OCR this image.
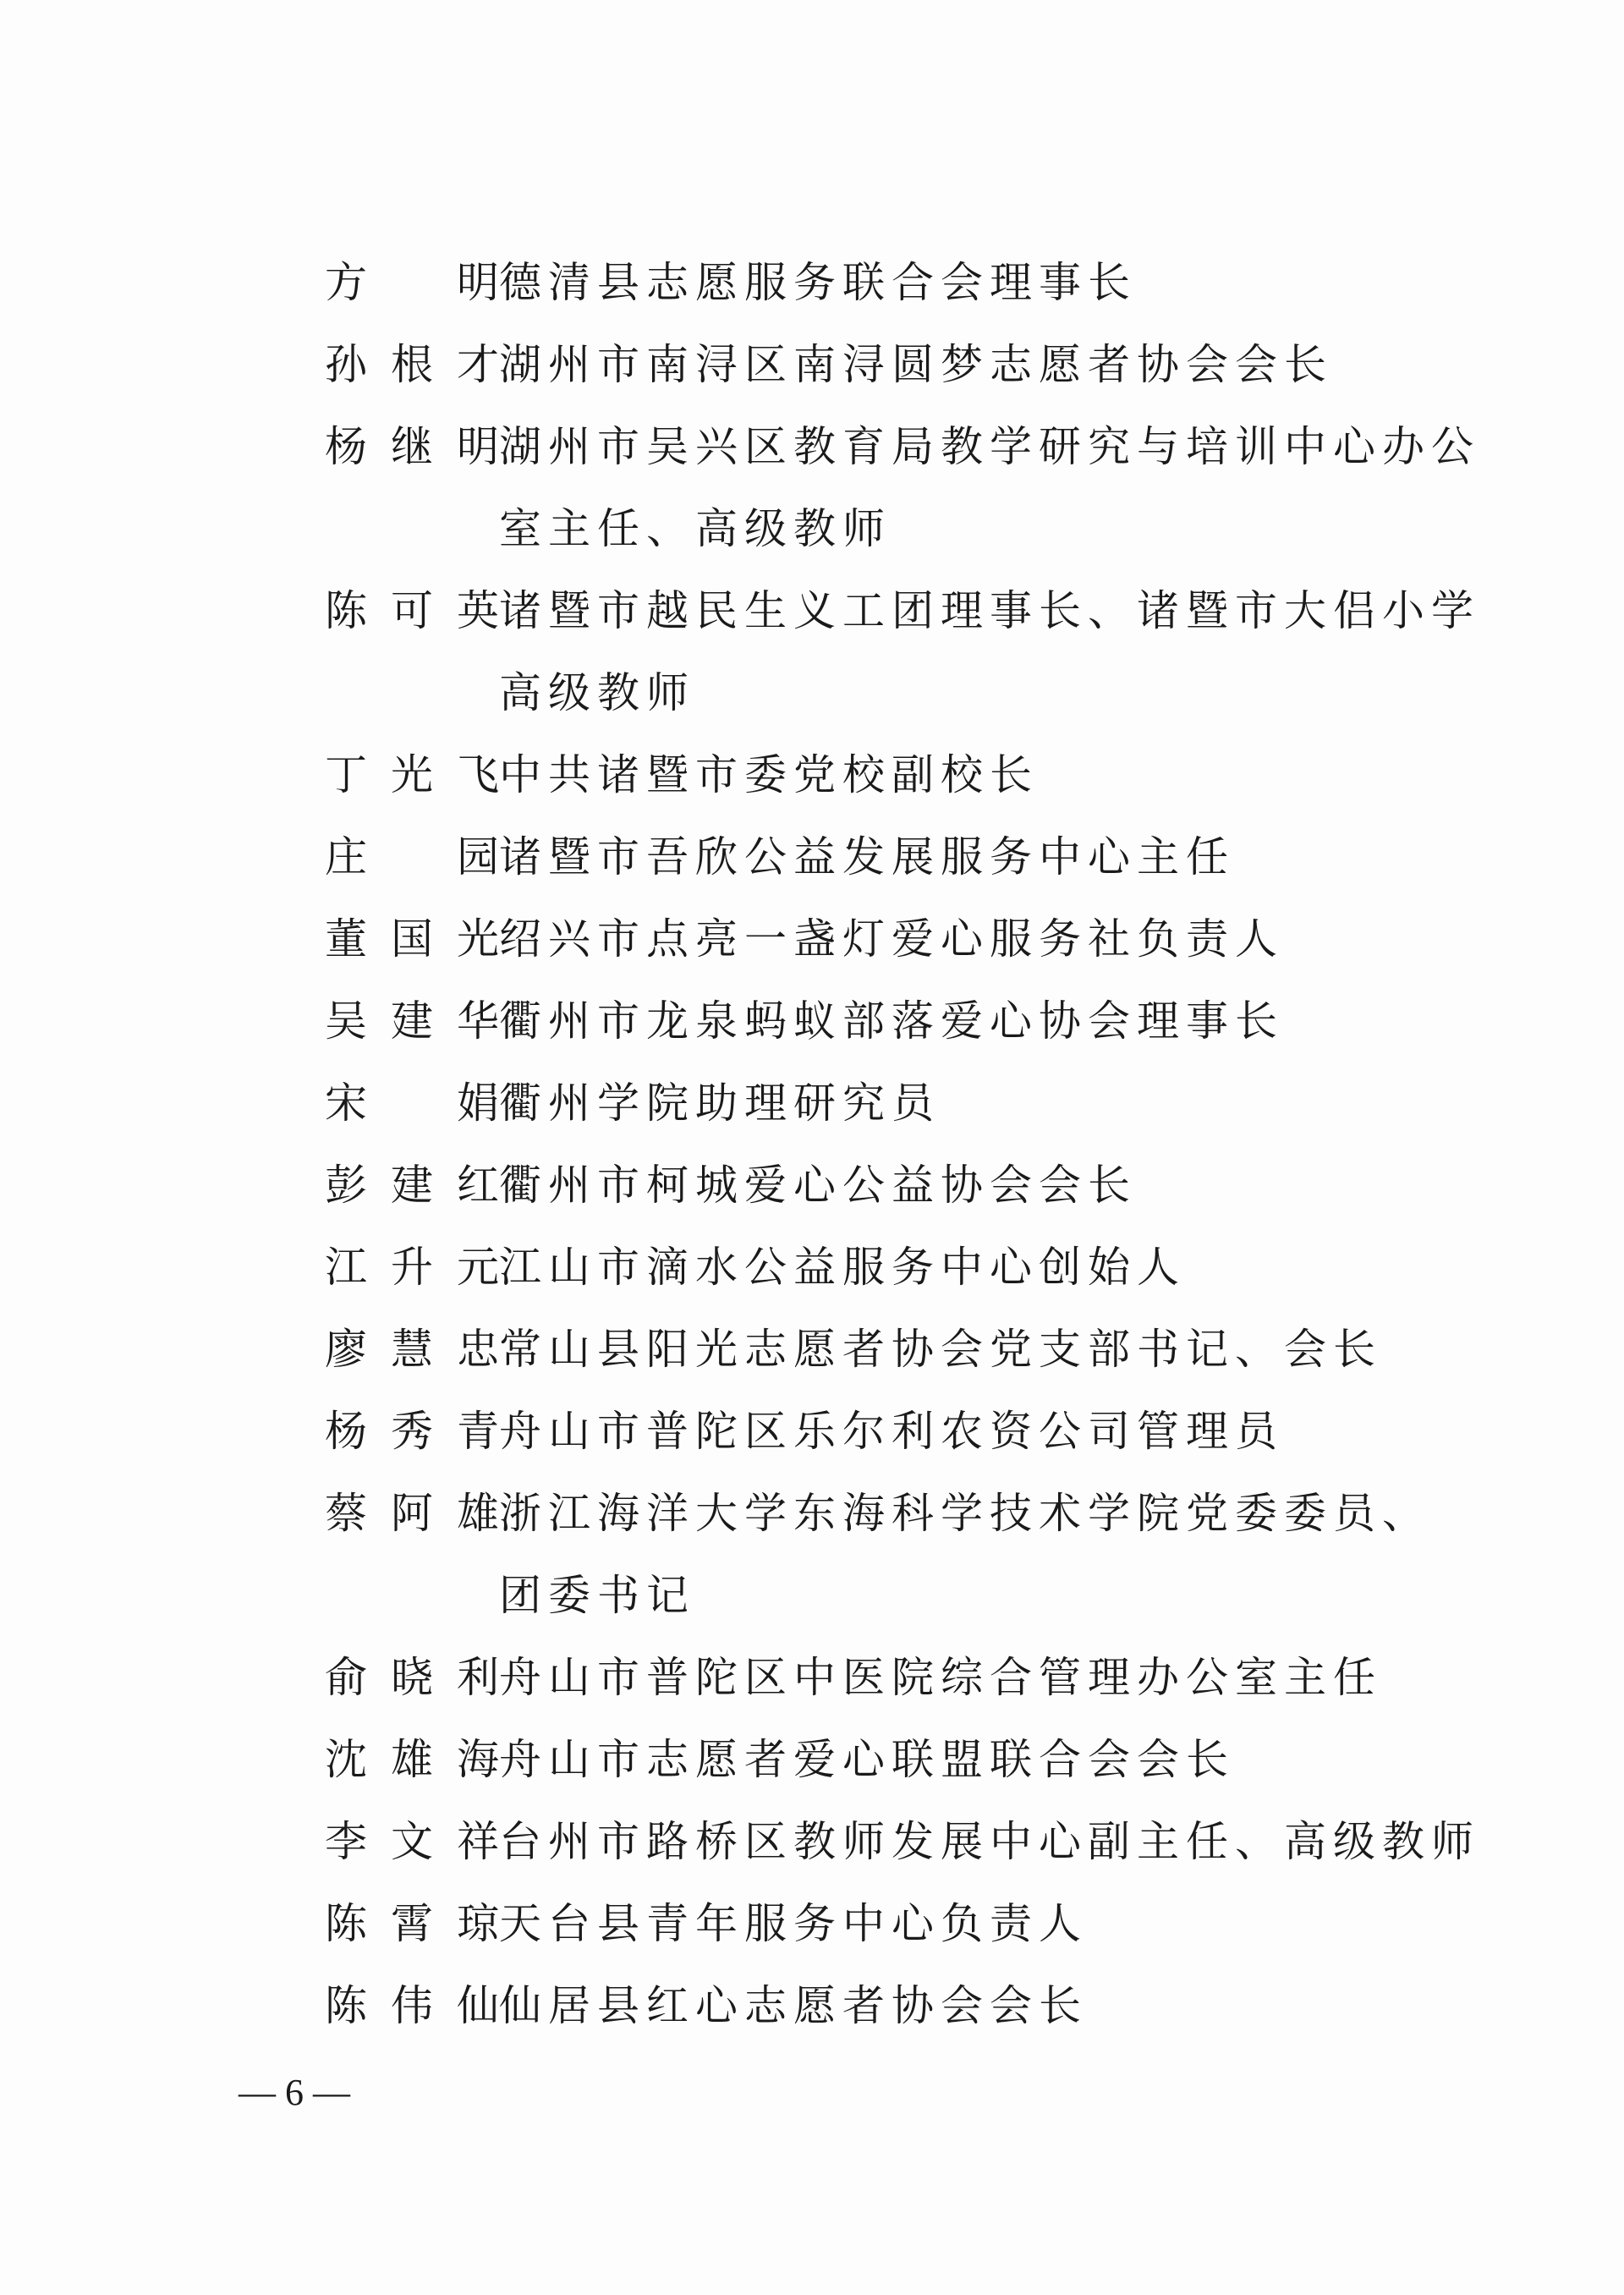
方　明 德清县志愿服务联合会理事长
孙根才 湖州市南浔区南浔圆梦志愿者协会会长
杨继明 湖州市吴兴区教育局教学研究与培训中心办公
室主任、高级教师
陈可英 诸暨市越民生义工团理事长、诸暨市大侣小学
高级教师
丁光飞 中共诸暨市委党校副校长
庄　园 诸暨市吾欣公益发展服务中心主任
董国光 绍兴市点亮一盏灯爱心服务社负责人
吴建华 衢州市龙泉蚂蚁部落爱心协会理事长
宋　娟 衢州学院助理研究员
彭建红 衢州市柯城爱心公益协会会长
江升元 江山市滴水公益服务中心创始人
廖慧忠 常山县阳光志愿者协会党支部书记、会长
杨秀青 舟山市普陀区乐尔利农资公司管理员
蔡阿雄 浙江海洋大学东海科学技术学院党委委员、
团委书记
俞晓利 舟山市普陀区中医院综合管理办公室主任
沈雄海 舟山市志愿者爱心联盟联合会会长
李文祥 台州市路桥区教师发展中心副主任、高级教师
陈霄琼 天台县青年服务中心负责人
陈伟仙 仙居县红心志愿者协会会长
— 6 —
